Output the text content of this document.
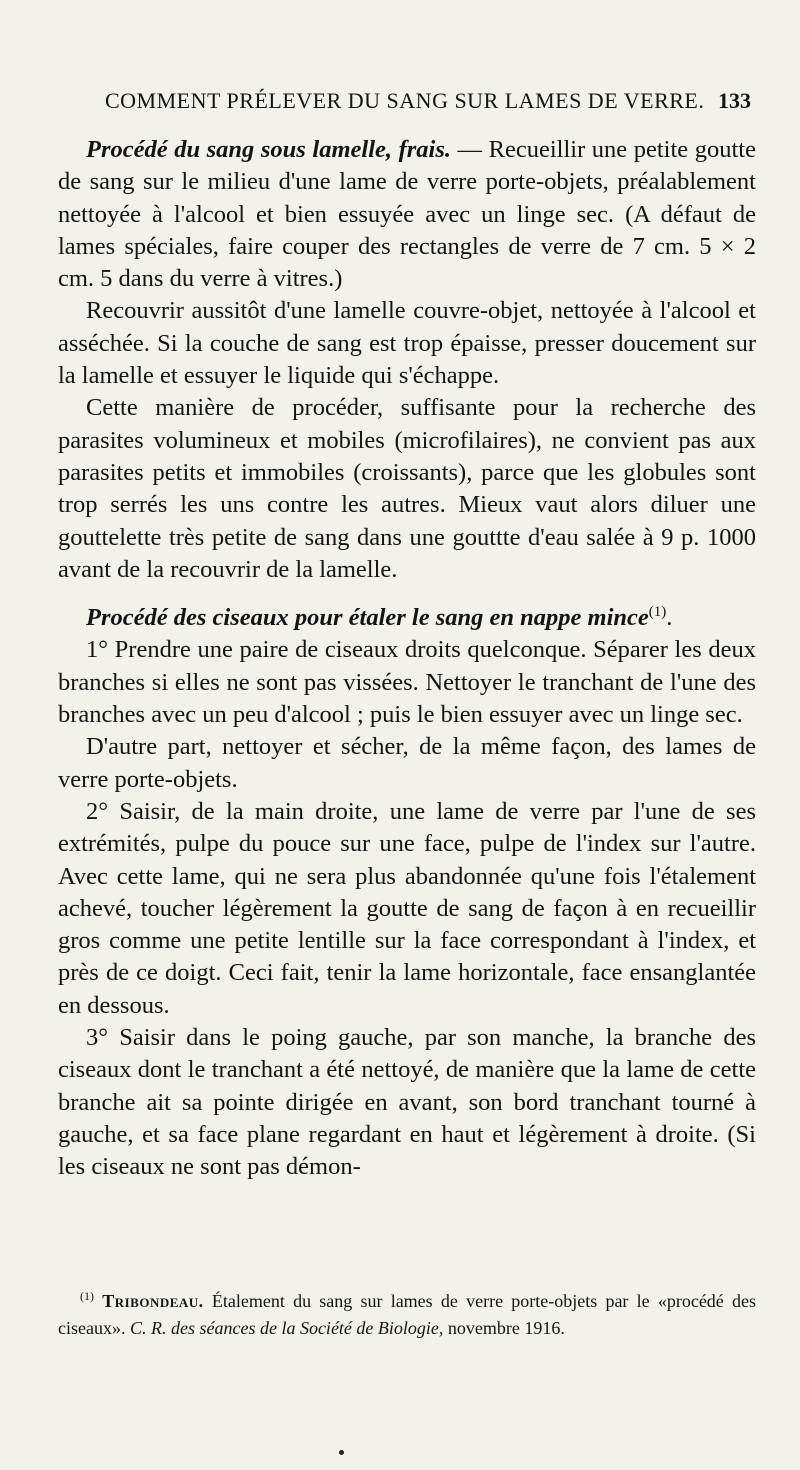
COMMENT PRÉLEVER DU SANG SUR LAMES DE VERRE. 133

Procédé du sang sous lamelle, frais. — Recueillir une petite goutte de sang sur le milieu d'une lame de verre porte-objets, préalablement nettoyée à l'alcool et bien essuyée avec un linge sec. (A défaut de lames spéciales, faire couper des rectangles de verre de 7 cm. 5 × 2 cm. 5 dans du verre à vitres.)

Recouvrir aussitôt d'une lamelle couvre-objet, nettoyée à l'alcool et asséchée. Si la couche de sang est trop épaisse, presser doucement sur la lamelle et essuyer le liquide qui s'échappe.

Cette manière de procéder, suffisante pour la recherche des parasites volumineux et mobiles (microfilaires), ne convient pas aux parasites petits et immobiles (croissants), parce que les globules sont trop serrés les uns contre les autres. Mieux vaut alors diluer une gouttelette très petite de sang dans une gouttte d'eau salée à 9 p. 1000 avant de la recouvrir de la lamelle.

Procédé des ciseaux pour étaler le sang en nappe mince$^{(1)}$.

1° Prendre une paire de ciseaux droits quelconque. Séparer les deux branches si elles ne sont pas vissées. Nettoyer le tranchant de l'une des branches avec un peu d'alcool ; puis le bien essuyer avec un linge sec.

D'autre part, nettoyer et sécher, de la même façon, des lames de verre porte-objets.

2° Saisir, de la main droite, une lame de verre par l'une de ses extrémités, pulpe du pouce sur une face, pulpe de l'index sur l'autre. Avec cette lame, qui ne sera plus abandonnée qu'une fois l'étalement achevé, toucher légèrement la goutte de sang de façon à en recueillir gros comme une petite lentille sur la face correspondant à l'index, et près de ce doigt. Ceci fait, tenir la lame horizontale, face ensanglantée en dessous.

3° Saisir dans le poing gauche, par son manche, la branche des ciseaux dont le tranchant a été nettoyé, de manière que la lame de cette branche ait sa pointe dirigée en avant, son bord tranchant tourné à gauche, et sa face plane regardant en haut et légèrement à droite. (Si les ciseaux ne sont pas démon-

$^{(1)}$ Tribondeau. Étalement du sang sur lames de verre porte-objets par le «procédé des ciseaux». C. R. des séances de la Société de Biologie, novembre 1916.
